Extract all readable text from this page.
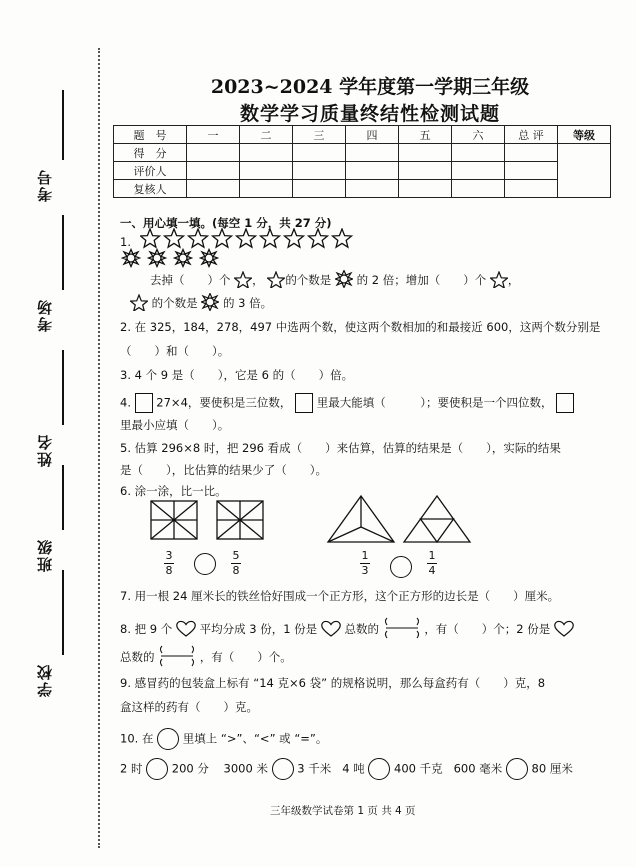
考号
考场
姓名
班级
学校
2023~2024 学年度第一学期三年级
数学学习质量终结性检测试题
题　号	一	二	三	四	五	六	总 评	等级
得　分								
评价人								
复核人								
一、用心填一填。(每空 1 分，共 27 分)
1.
去掉（　　）个 ， 的个数是 的 2 倍；增加（　　）个 ，
的个数是 的 3 倍。
2. 在 325，184，278，497 中选两个数，使这两个数相加的和最接近 600，这两个数分别是
（　　）和（　　）。
3. 4 个 9 是（　　），它是 6 的（　　）倍。
4. 27×4，要使积是三位数， 里最大能填（　　　）；要使积是一个四位数，
里最小应填（　　）。
5. 估算 296×8 时，把 296 看成（　　）来估算，估算的结果是（　　），实际的结果
是（　　），比估算的结果少了（　　）。
6. 涂一涂，比一比。
3
8
5
8
1
3
1
4
7. 用一根 24 厘米长的铁丝恰好围成一个正方形，这个正方形的边长是（　　）厘米。
8. 把 9 个 平均分成 3 份，1 份是 总数的	，有（　　）个；2 份是
总数的	，有（　　）个。
9. 感冒药的包装盒上标有 “14 克×6 袋” 的规格说明，那么每盒药有（　　）克，8
盒这样的药有（　　）克。
10. 在	里填上 “>”、“<” 或 “=”。
2 时	200 分 3000 米	3 千米 4 吨	400 千克 600 毫米	80 厘米
三年级数学试卷第 1 页 共 4 页
